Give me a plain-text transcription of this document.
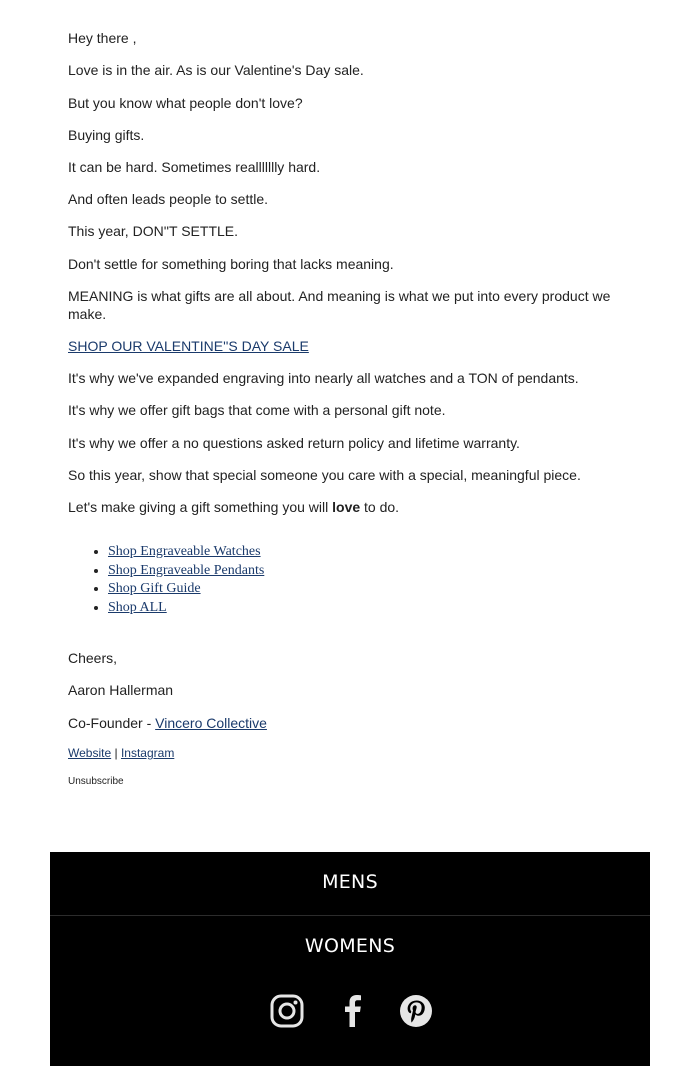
Hey there ,

Love is in the air. As is our Valentine's Day sale.

But you know what people don't love?

Buying gifts.

It can be hard. Sometimes reallllllly hard.

And often leads people to settle.

This year, DON''T SETTLE.

Don't settle for something boring that lacks meaning.

MEANING is what gifts are all about. And meaning is what we put into every product we make.

SHOP OUR VALENTINE''S DAY SALE

It's why we've expanded engraving into nearly all watches and a TON of pendants.

It's why we offer gift bags that come with a personal gift note.

It's why we offer a no questions asked return policy and lifetime warranty.

So this year, show that special someone you care with a special, meaningful piece.

Let's make giving a gift something you will love to do.

• Shop Engraveable Watches
• Shop Engraveable Pendants
• Shop Gift Guide
• Shop ALL

Cheers,

Aaron Hallerman

Co-Founder - Vincero Collective

Website | Instagram
Unsubscribe
MENS
WOMENS
